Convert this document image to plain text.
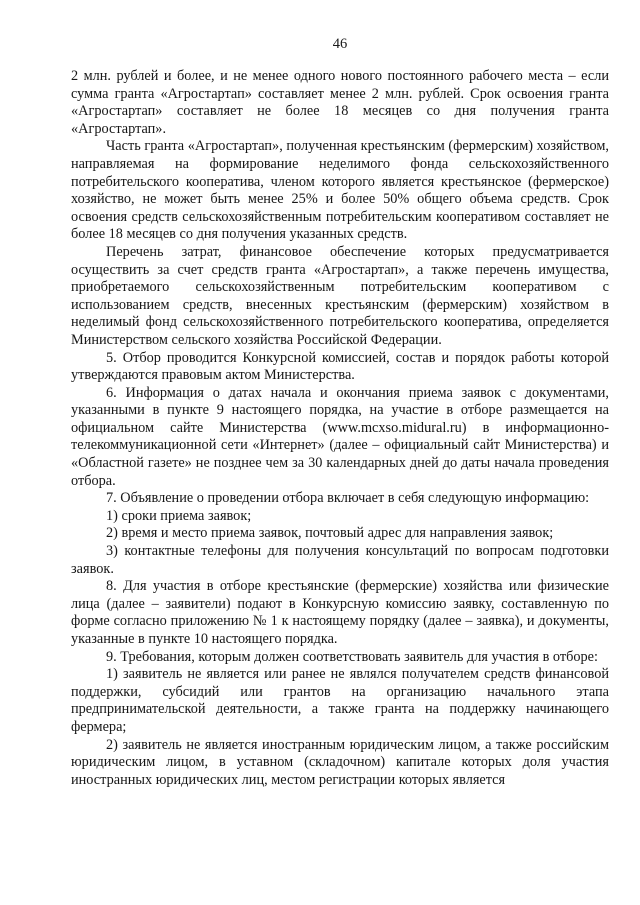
46

2 млн. рублей и более, и не менее одного нового постоянного рабочего места – если сумма гранта «Агростартап» составляет менее 2 млн. рублей. Срок освоения гранта «Агростартап» составляет не более 18 месяцев со дня получения гранта «Агростартап».

Часть гранта «Агростартап», полученная крестьянским (фермерским) хозяйством, направляемая на формирование неделимого фонда сельскохозяйственного потребительского кооператива, членом которого является крестьянское (фермерское) хозяйство, не может быть менее 25% и более 50% общего объема средств. Срок освоения средств сельскохозяйственным потребительским кооперативом составляет не более 18 месяцев со дня получения указанных средств.

Перечень затрат, финансовое обеспечение которых предусматривается осуществить за счет средств гранта «Агростартап», а также перечень имущества, приобретаемого сельскохозяйственным потребительским кооперативом с использованием средств, внесенных крестьянским (фермерским) хозяйством в неделимый фонд сельскохозяйственного потребительского кооператива, определяется Министерством сельского хозяйства Российской Федерации.

5. Отбор проводится Конкурсной комиссией, состав и порядок работы которой утверждаются правовым актом Министерства.

6. Информация о датах начала и окончания приема заявок с документами, указанными в пункте 9 настоящего порядка, на участие в отборе размещается на официальном сайте Министерства (www.mcxso.midural.ru) в информационно-телекоммуникационной сети «Интернет» (далее – официальный сайт Министерства) и «Областной газете» не позднее чем за 30 календарных дней до даты начала проведения отбора.

7. Объявление о проведении отбора включает в себя следующую информацию:

1) сроки приема заявок;

2) время и место приема заявок, почтовый адрес для направления заявок;

3) контактные телефоны для получения консультаций по вопросам подготовки заявок.

8. Для участия в отборе крестьянские (фермерские) хозяйства или физические лица (далее – заявители) подают в Конкурсную комиссию заявку, составленную по форме согласно приложению № 1 к настоящему порядку (далее – заявка), и документы, указанные в пункте 10 настоящего порядка.

9. Требования, которым должен соответствовать заявитель для участия в отборе:

1) заявитель не является или ранее не являлся получателем средств финансовой поддержки, субсидий или грантов на организацию начального этапа предпринимательской деятельности, а также гранта на поддержку начинающего фермера;

2) заявитель не является иностранным юридическим лицом, а также российским юридическим лицом, в уставном (складочном) капитале которых доля участия иностранных юридических лиц, местом регистрации которых является
